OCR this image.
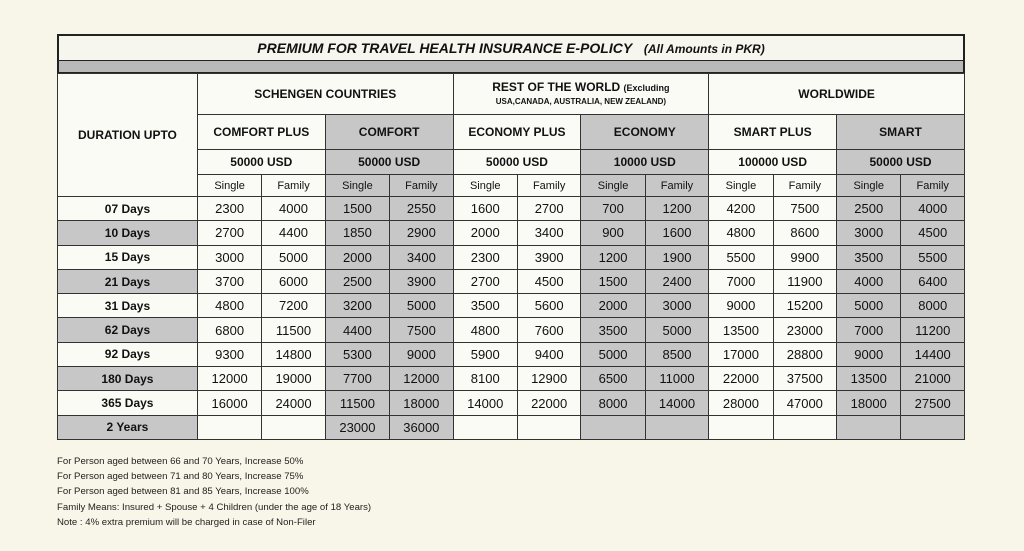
PREMIUM FOR TRAVEL HEALTH INSURANCE E-POLICY (All Amounts in PKR)
DURATION UPTO	SCHENGEN COUNTRIES				REST OF THE WORLD (Excluding
USA,CANADA, AUSTRALIA, NEW ZEALAND)				WORLDWIDE			
	COMFORT PLUS		COMFORT		ECONOMY PLUS		ECONOMY		SMART PLUS		SMART	
	50000 USD		50000 USD		50000 USD		10000 USD		100000 USD		50000 USD	
	Single	Family	Single	Family	Single	Family	Single	Family	Single	Family	Single	Family
07 Days	2300	4000	1500	2550	1600	2700	700	1200	4200	7500	2500	4000
10 Days	2700	4400	1850	2900	2000	3400	900	1600	4800	8600	3000	4500
15 Days	3000	5000	2000	3400	2300	3900	1200	1900	5500	9900	3500	5500
21 Days	3700	6000	2500	3900	2700	4500	1500	2400	7000	11900	4000	6400
31 Days	4800	7200	3200	5000	3500	5600	2000	3000	9000	15200	5000	8000
62 Days	6800	11500	4400	7500	4800	7600	3500	5000	13500	23000	7000	11200
92 Days	9300	14800	5300	9000	5900	9400	5000	8500	17000	28800	9000	14400
180 Days	12000	19000	7700	12000	8100	12900	6500	11000	22000	37500	13500	21000
365 Days	16000	24000	11500	18000	14000	22000	8000	14000	28000	47000	18000	27500
2 Years			23000	36000								
For Person aged between 66 and 70 Years, Increase 50%
For Person aged between 71 and 80 Years, Increase 75%
For Person aged between 81 and 85 Years, Increase 100%
Family Means: Insured + Spouse + 4 Children (under the age of 18 Years)
Note : 4% extra premium will be charged in case of Non-Filer
